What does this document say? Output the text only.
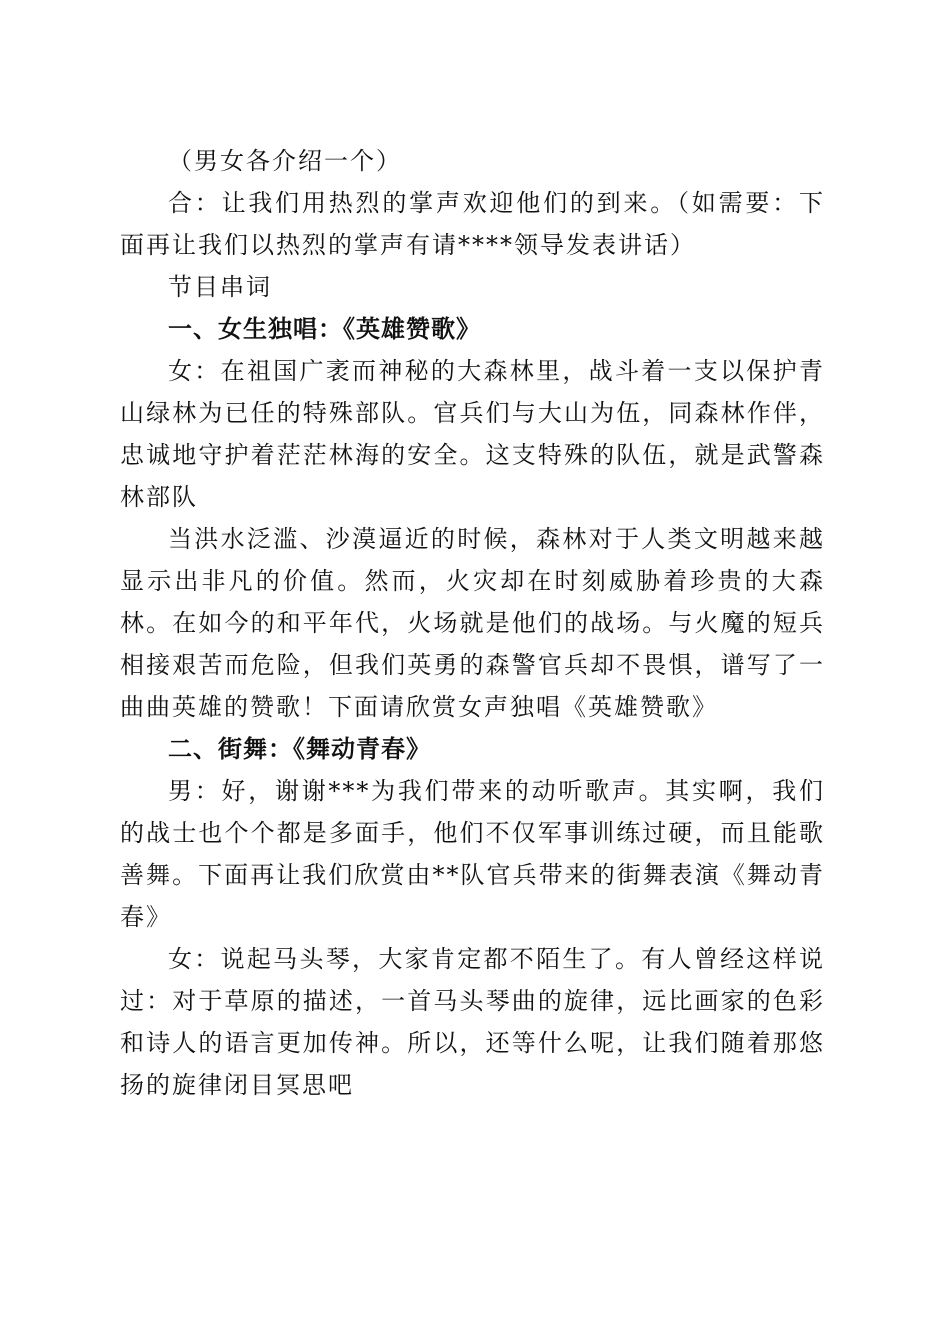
（男女各介绍一个）

合：让我们用热烈的掌声欢迎他们的到来。（如需要：下面再让我们以热烈的掌声有请****领导发表讲话）

节目串词

一、女生独唱：《英雄赞歌》

女：在祖国广袤而神秘的大森林里，战斗着一支以保护青山绿林为已任的特殊部队。官兵们与大山为伍，同森林作伴，忠诚地守护着茫茫林海的安全。这支特殊的队伍，就是武警森林部队

当洪水泛滥、沙漠逼近的时候，森林对于人类文明越来越显示出非凡的价值。然而，火灾却在时刻威胁着珍贵的大森林。在如今的和平年代，火场就是他们的战场。与火魔的短兵相接艰苦而危险，但我们英勇的森警官兵却不畏惧，谱写了一曲曲英雄的赞歌！下面请欣赏女声独唱《英雄赞歌》

二、街舞：《舞动青春》

男：好，谢谢***为我们带来的动听歌声。其实啊，我们的战士也个个都是多面手，他们不仅军事训练过硬，而且能歌善舞。下面再让我们欣赏由**队官兵带来的街舞表演《舞动青春》

女：说起马头琴，大家肯定都不陌生了。有人曾经这样说过：对于草原的描述，一首马头琴曲的旋律，远比画家的色彩和诗人的语言更加传神。所以，还等什么呢，让我们随着那悠扬的旋律闭目冥思吧
